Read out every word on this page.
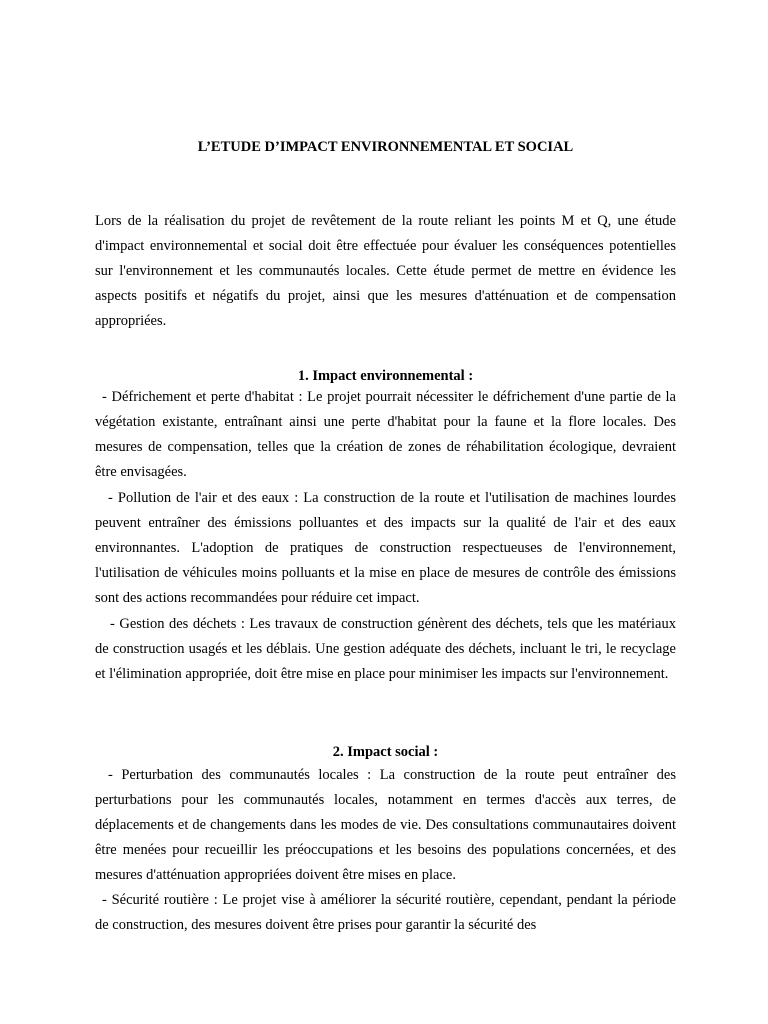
L’ETUDE D’IMPACT ENVIRONNEMENTAL ET SOCIAL

Lors de la réalisation du projet de revêtement de la route reliant les points M et Q, une étude d'impact environnemental et social doit être effectuée pour évaluer les conséquences potentielles sur l'environnement et les communautés locales. Cette étude permet de mettre en évidence les aspects positifs et négatifs du projet, ainsi que les mesures d'atténuation et de compensation appropriées.

1. Impact environnemental :

- Défrichement et perte d'habitat : Le projet pourrait nécessiter le défrichement d'une partie de la végétation existante, entraînant ainsi une perte d'habitat pour la faune et la flore locales. Des mesures de compensation, telles que la création de zones de réhabilitation écologique, devraient être envisagées.

- Pollution de l'air et des eaux : La construction de la route et l'utilisation de machines lourdes peuvent entraîner des émissions polluantes et des impacts sur la qualité de l'air et des eaux environnantes. L'adoption de pratiques de construction respectueuses de l'environnement, l'utilisation de véhicules moins polluants et la mise en place de mesures de contrôle des émissions sont des actions recommandées pour réduire cet impact.

- Gestion des déchets : Les travaux de construction génèrent des déchets, tels que les matériaux de construction usagés et les déblais. Une gestion adéquate des déchets, incluant le tri, le recyclage et l'élimination appropriée, doit être mise en place pour minimiser les impacts sur l'environnement.

2. Impact social :

- Perturbation des communautés locales : La construction de la route peut entraîner des perturbations pour les communautés locales, notamment en termes d'accès aux terres, de déplacements et de changements dans les modes de vie. Des consultations communautaires doivent être menées pour recueillir les préoccupations et les besoins des populations concernées, et des mesures d'atténuation appropriées doivent être mises en place.

- Sécurité routière : Le projet vise à améliorer la sécurité routière, cependant, pendant la période de construction, des mesures doivent être prises pour garantir la sécurité des
